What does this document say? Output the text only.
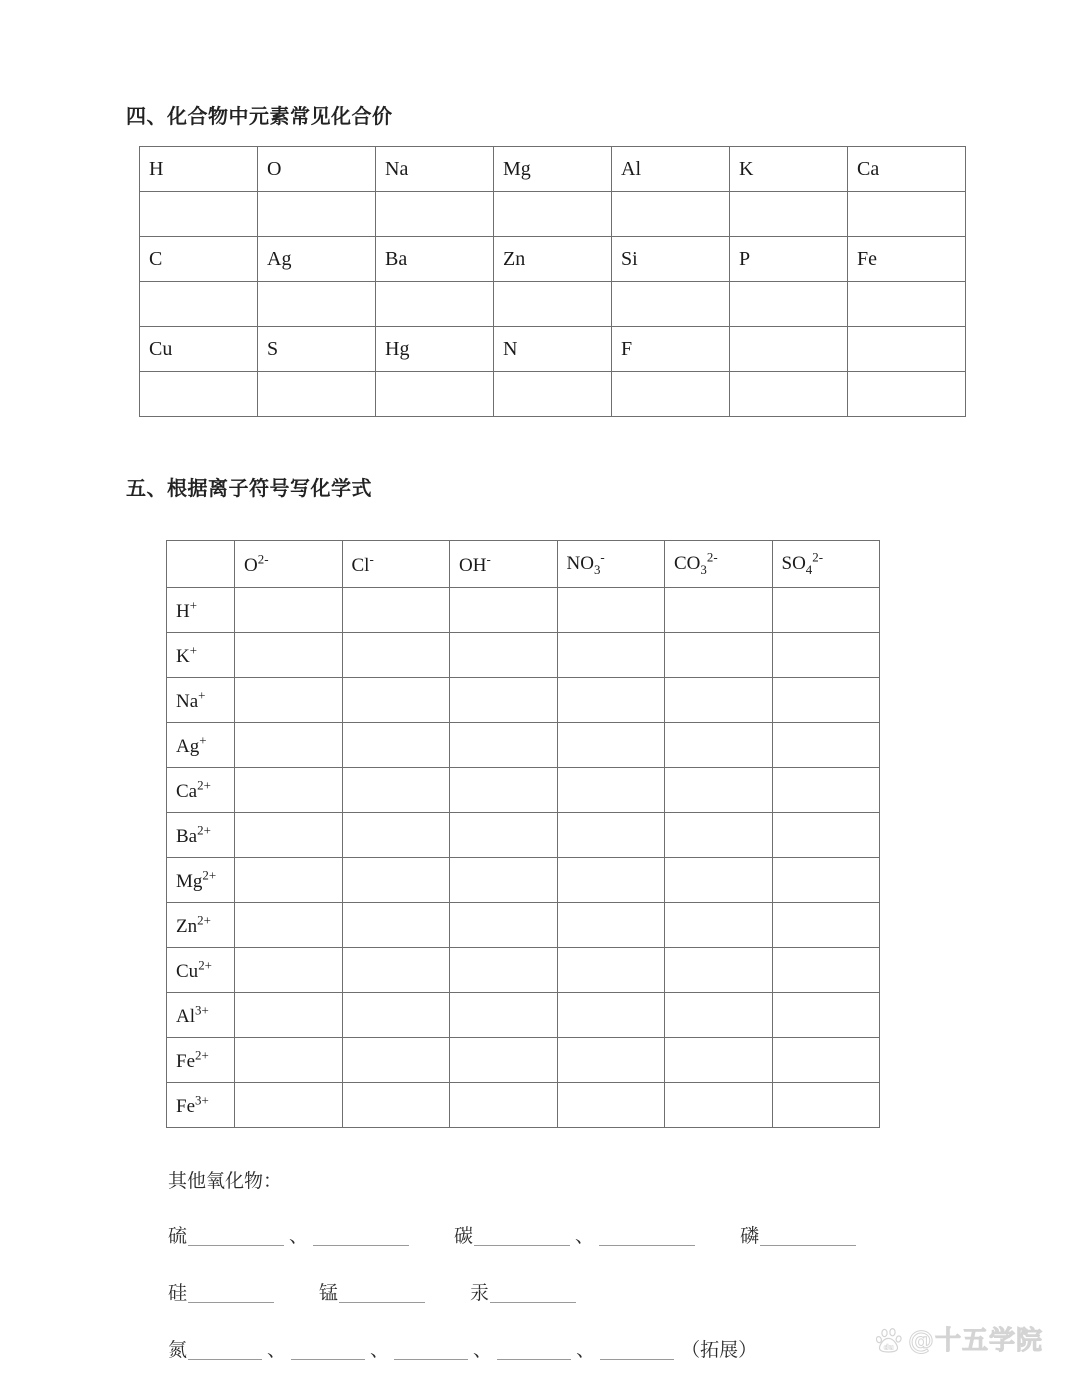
四、化合物中元素常见化合价
H	O	Na	Mg	Al	K	Ca

C	Ag	Ba	Zn	Si	P	Fe

Cu	S	Hg	N	F		

五、根据离子符号写化学式
	$O^{2-}$	Cl-	OH-	$NO_3^-$	$CO_3^{2-}$	$SO_4^{2-}$
H+						
K+						
Na+						
Ag+						
$Ca^{2+}$						
$Ba^{2+}$						
$Mg^{2+}$						
$Zn^{2+}$						
$Cu^{2+}$						
$Al^{3+}$						
$Fe^{2+}$						
$Fe^{3+}$						
其他氧化物：
硫	、	碳	、	磷
硅	锰	汞
氮	、	、	、	、	（拓展）	du @十五学院
